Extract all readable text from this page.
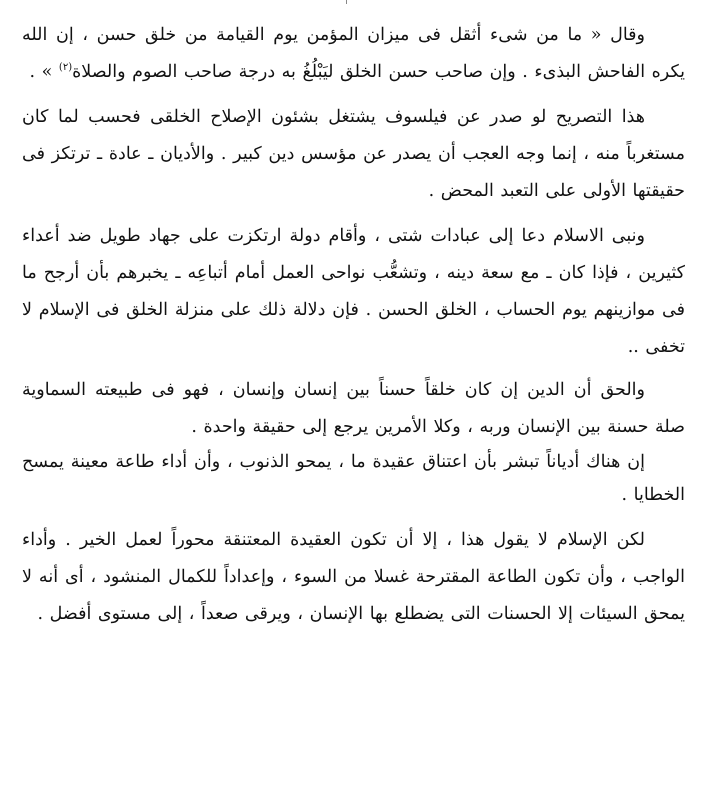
وقال « ما من شىء أثقل فى ميزان المؤمن يوم القيامة من خلق حسن ، إن الله يكره الفاحش البذىء . وإن صاحب حسن الخلق ليَبْلُغُ به درجة صاحب الصوم والصلاة$^{(٢)}$ » .

هذا التصريح لو صدر عن فيلسوف يشتغل بشئون الإصلاح الخلقى فحسب لما كان مستغرباً منه ، إنما وجه العجب أن يصدر عن مؤسس دين كبير . والأديان ـ عادة ـ ترتكز فى حقيقتها الأولى على التعبد المحض .

ونبى الاسلام دعا إلى عبادات شتى ، وأقام دولة ارتكزت على جهاد طويل ضد أعداء كثيرين ، فإذا كان ـ مع سعة دينه ، وتشعُّب نواحى العمل أمام أتباعِه ـ يخبرهم بأن أرجح ما فى موازينهم يوم الحساب ، الخلق الحسن . فإن دلالة ذلك على منزلة الخلق فى الإسلام لا تخفى ..

والحق أن الدين إن كان خلقاً حسناً بين إنسان وإنسان ، فهو فى طبيعته السماوية صلة حسنة بين الإنسان وربه ، وكلا الأمرين يرجع إلى حقيقة واحدة .

إن هناك أدياناً تبشر بأن اعتناق عقيدة ما ، يمحو الذنوب ، وأن أداء طاعة معينة يمسح الخطايا .

لكن الإسلام لا يقول هذا ، إلا أن تكون العقيدة المعتنقة محوراً لعمل الخير . وأداء الواجب ، وأن تكون الطاعة المقترحة غسلا من السوء ، وإعداداً للكمال المنشود ، أى أنه لا يمحق السيئات إلا الحسنات التى يضطلع بها الإنسان ، ويرقى صعداً ، إلى مستوى أفضل .
